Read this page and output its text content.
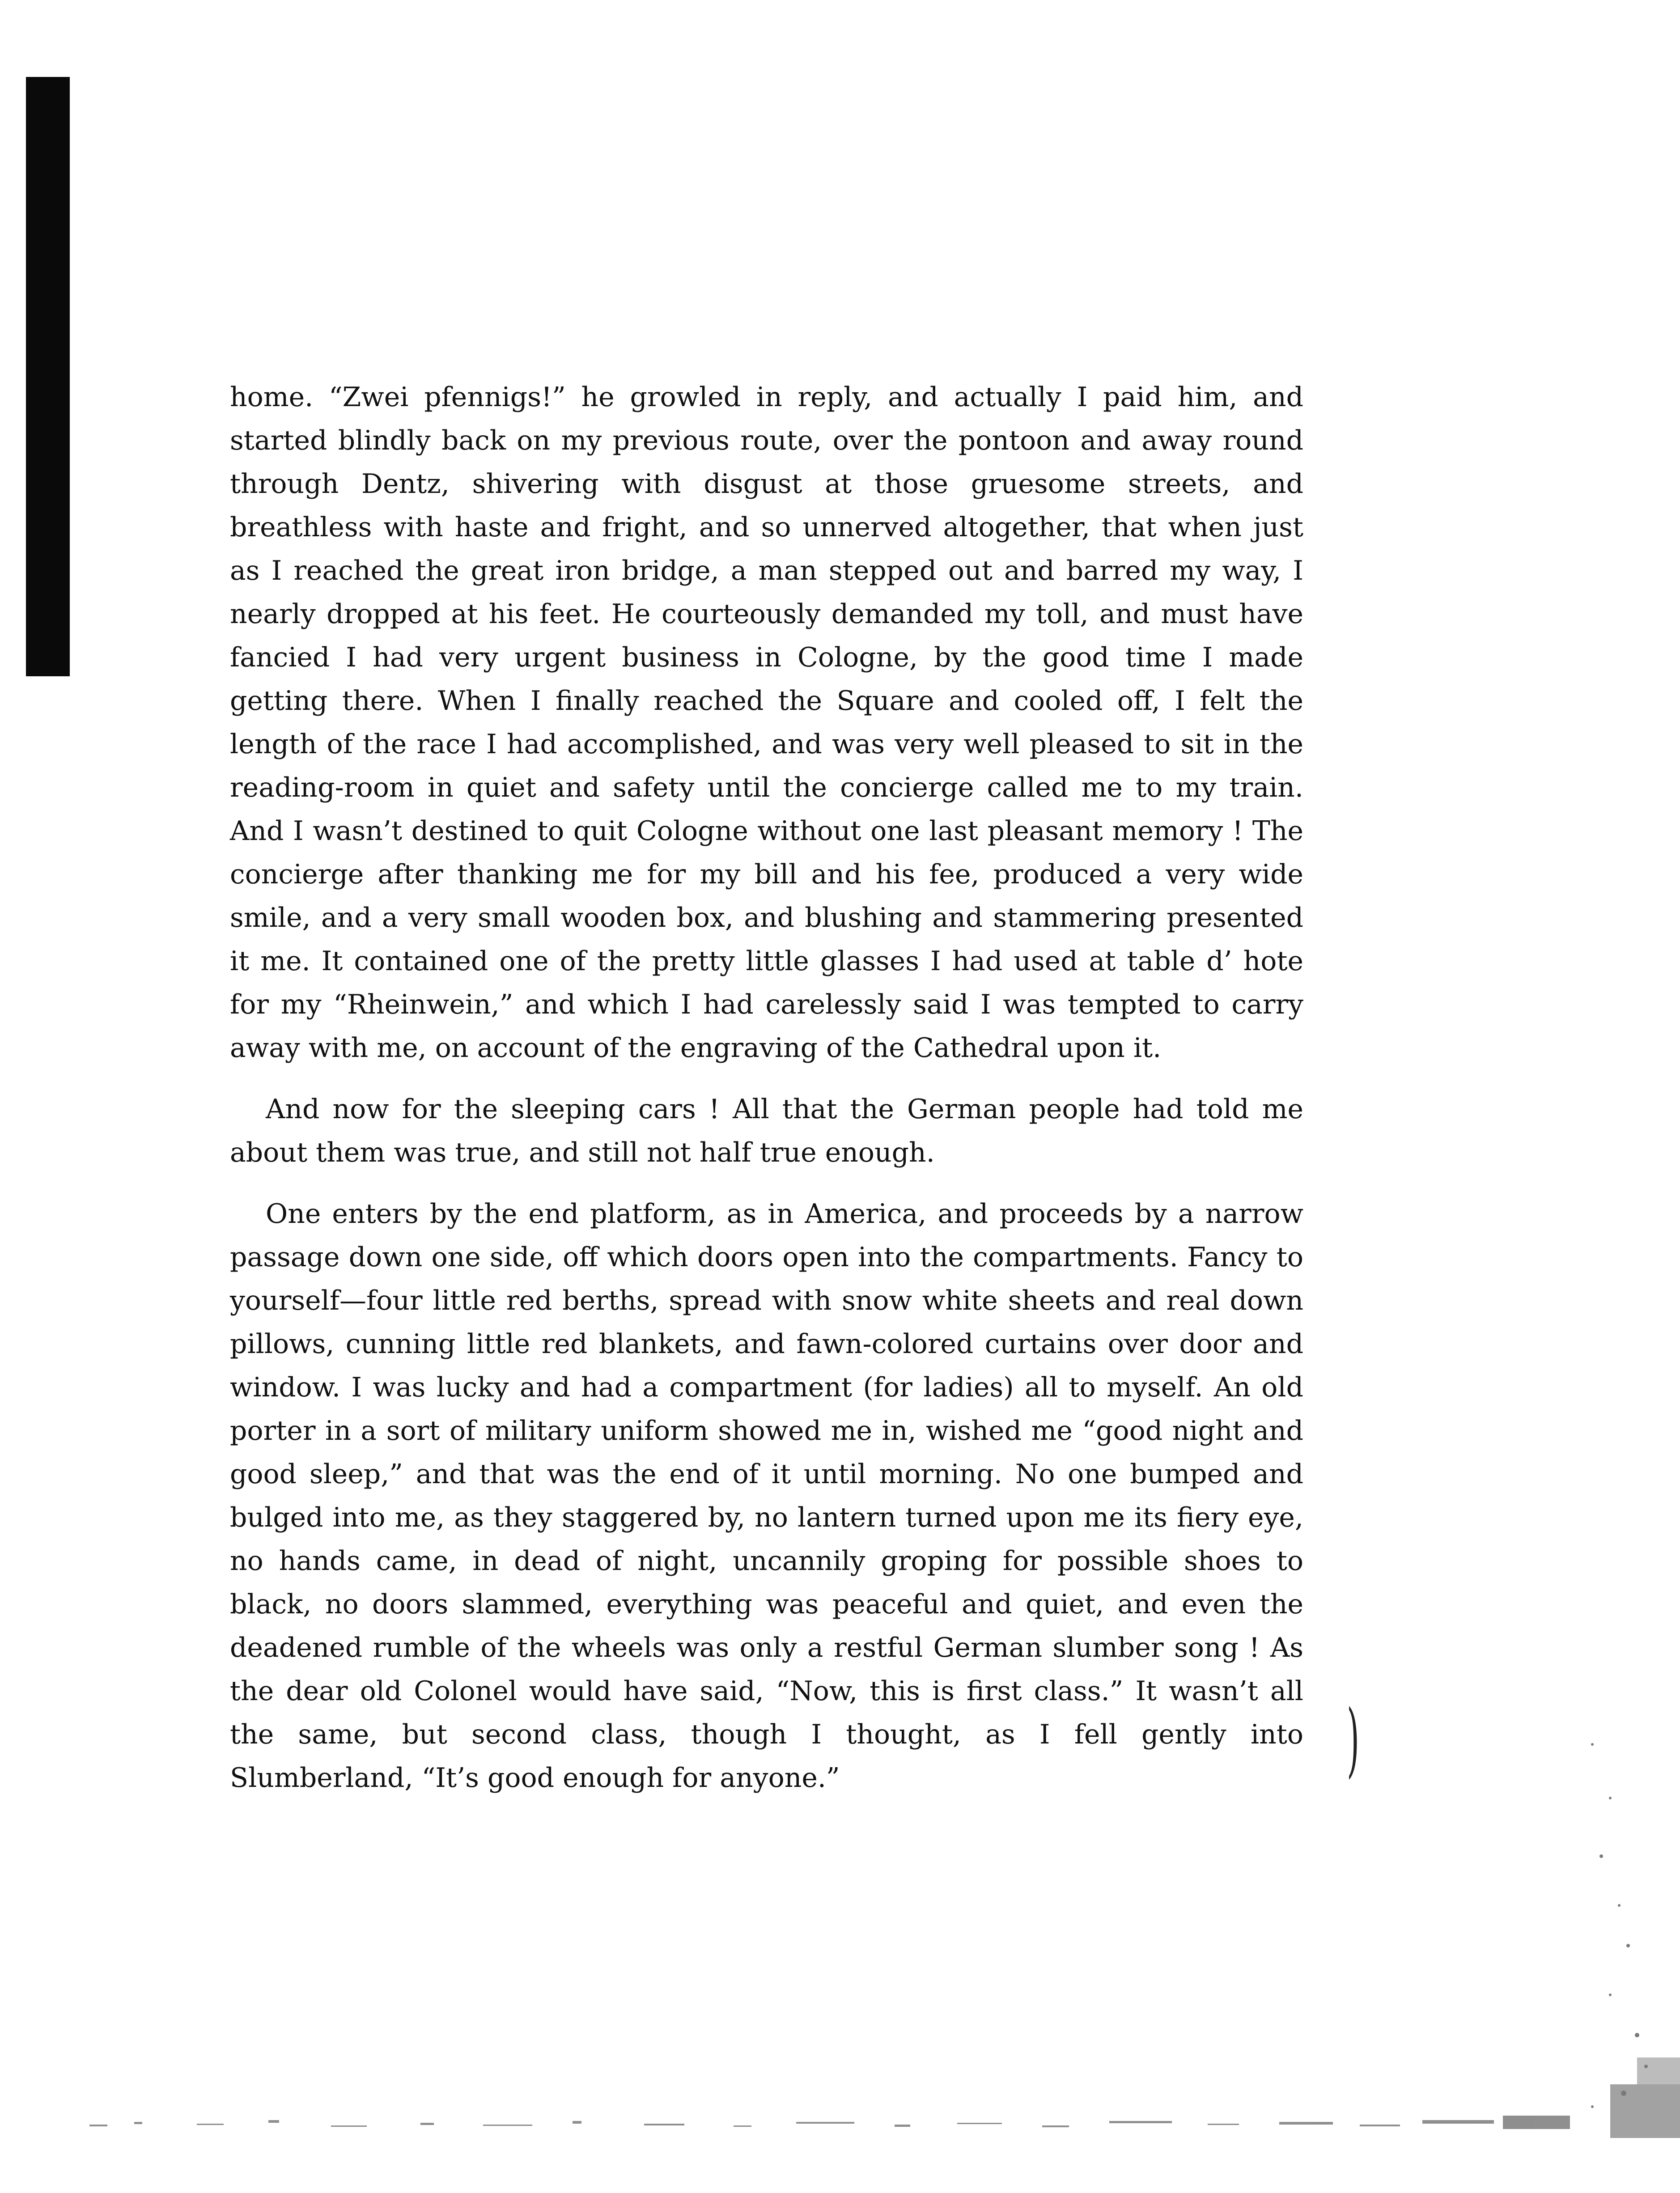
)

home. “Zwei pfennigs!” he growled in reply, and actually I paid him, and started blindly back on my previous route, over the pontoon and away round through Dentz, shivering with disgust at those gruesome streets, and breathless with haste and fright, and so unnerved altogether, that when just as I reached the great iron bridge, a man stepped out and barred my way, I nearly dropped at his feet. He courteously demanded my toll, and must have fancied I had very urgent business in Cologne, by the good time I made getting there. When I finally reached the Square and cooled off, I felt the length of the race I had accomplished, and was very well pleased to sit in the reading-room in quiet and safety until the concierge called me to my train. And I wasn’t destined to quit Cologne without one last pleasant memory ! The concierge after thanking me for my bill and his fee, produced a very wide smile, and a very small wooden box, and blushing and stammering presented it me. It contained one of the pretty little glasses I had used at table d’ hote for my “Rheinwein,” and which I had carelessly said I was tempted to carry away with me, on account of the engraving of the Cathedral upon it.

And now for the sleeping cars ! All that the German people had told me about them was true, and still not half true enough.

One enters by the end platform, as in America, and proceeds by a narrow passage down one side, off which doors open into the compartments. Fancy to yourself—four little red berths, spread with snow white sheets and real down pillows, cunning little red blankets, and fawn-colored curtains over door and window. I was lucky and had a compartment (for ladies) all to myself. An old porter in a sort of military uniform showed me in, wished me “good night and good sleep,” and that was the end of it until morning. No one bumped and bulged into me, as they staggered by, no lantern turned upon me its fiery eye, no hands came, in dead of night, uncannily groping for possible shoes to black, no doors slammed, everything was peaceful and quiet, and even the deadened rumble of the wheels was only a restful German slumber song ! As the dear old Colonel would have said, “Now, this is first class.” It wasn’t all the same, but second class, though I thought, as I fell gently into Slumberland, “It’s good enough for anyone.”
